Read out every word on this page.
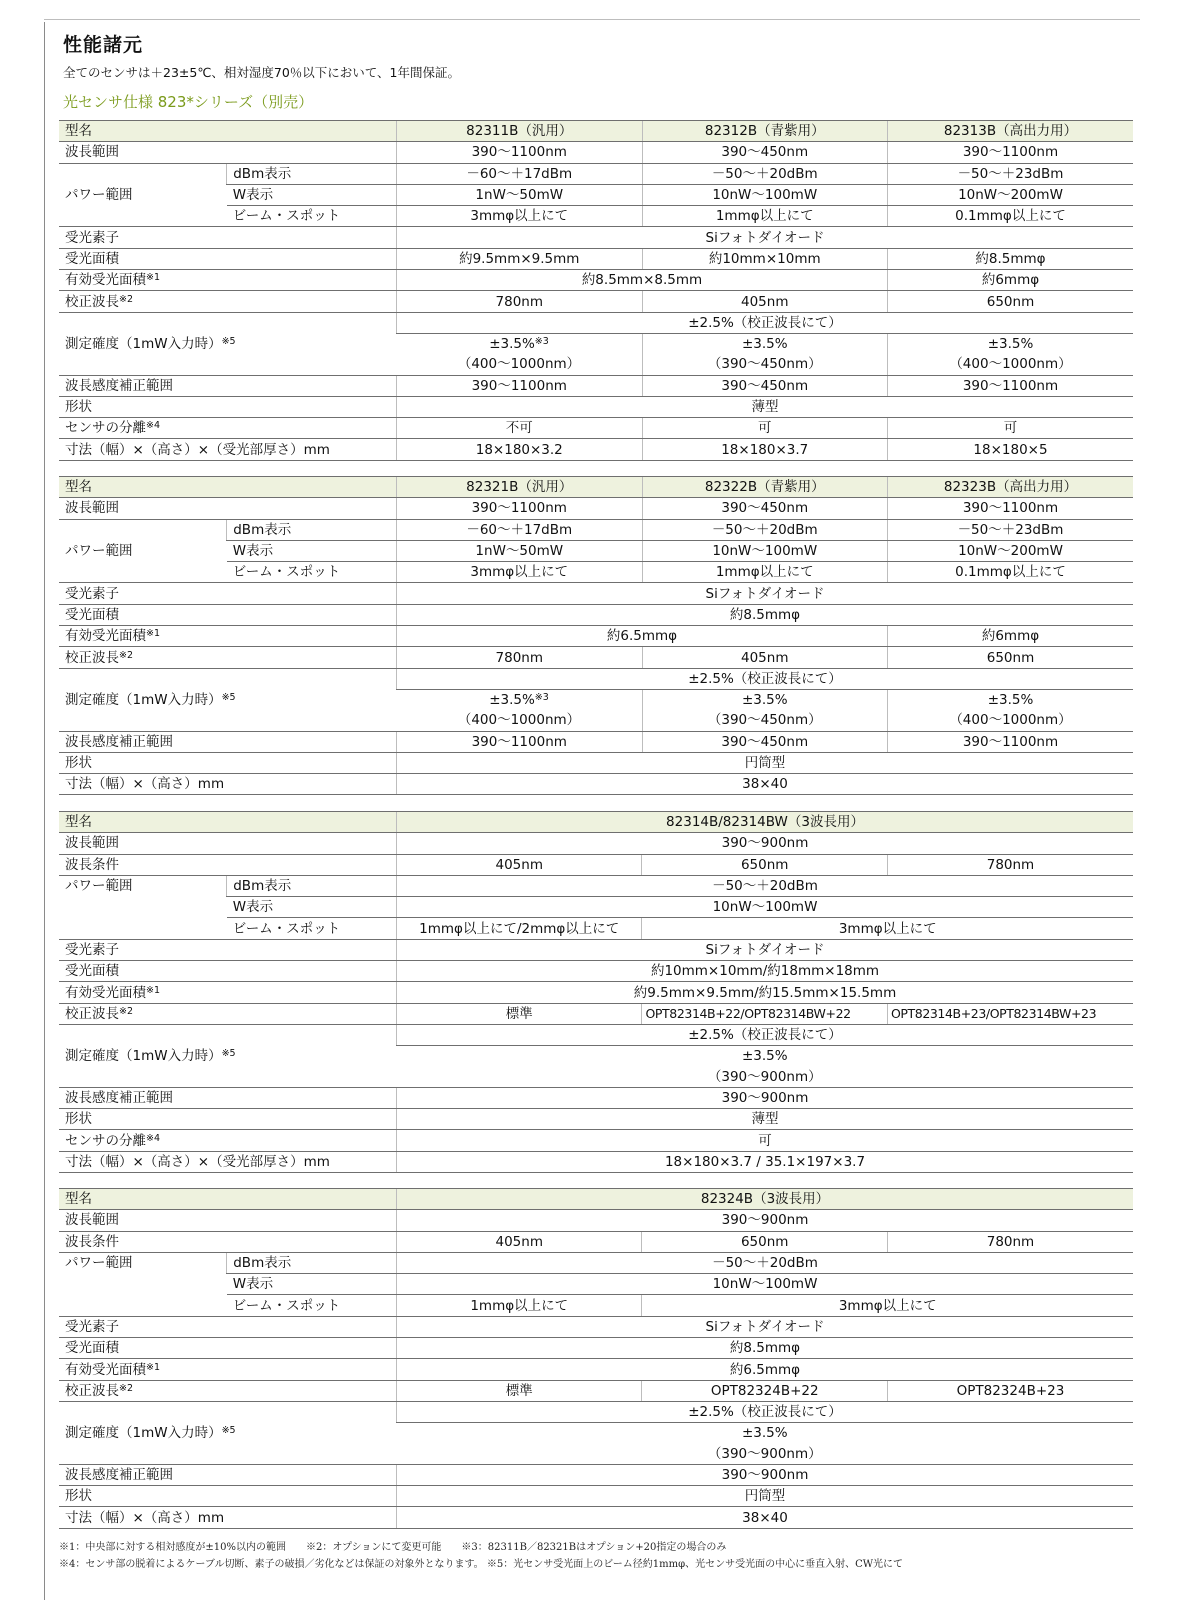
性能諸元
全てのセンサは＋23±5℃、相対湿度70％以下において、1年間保証。
光センサ仕様 823*シリーズ（別売）
型名		82311B（汎用）	82312B（青紫用）	82313B（高出力用）
波長範囲		390～1100nm	390～450nm	390～1100nm
パワー範囲	dBm表示	－60～＋17dBm	－50～＋20dBm	－50～＋23dBm
	W表示	1nW～50mW	10nW～100mW	10nW～200mW
	ビーム・スポット	3mmφ以上にて	1mmφ以上にて	0.1mmφ以上にて
受光素子		Siフォトダイオード		
受光面積		約9.5mm×9.5mm	約10mm×10mm	約8.5mmφ
有効受光面積$^{※1}$		約8.5mm×8.5mm		約6mmφ
校正波長$^{※2}$		780nm	405nm	650nm
測定確度（1mW入力時）$^{※5}$		±2.5%（校正波長にて）		
		±3.5%$^{※3}$	±3.5%	±3.5%
		（400～1000nm）	（390～450nm）	（400～1000nm）
波長感度補正範囲		390～1100nm	390～450nm	390～1100nm
形状		薄型		
センサの分離$^{※4}$		不可	可	可
寸法（幅）×（高さ）×（受光部厚さ）mm		18×180×3.2	18×180×3.7	18×180×5
型名		82321B（汎用）	82322B（青紫用）	82323B（高出力用）
波長範囲		390～1100nm	390～450nm	390～1100nm
パワー範囲	dBm表示	－60～＋17dBm	－50～＋20dBm	－50～＋23dBm
	W表示	1nW～50mW	10nW～100mW	10nW～200mW
	ビーム・スポット	3mmφ以上にて	1mmφ以上にて	0.1mmφ以上にて
受光素子		Siフォトダイオード		
受光面積		約8.5mmφ		
有効受光面積$^{※1}$		約6.5mmφ		約6mmφ
校正波長$^{※2}$		780nm	405nm	650nm
測定確度（1mW入力時）$^{※5}$		±2.5%（校正波長にて）		
		±3.5%$^{※3}$	±3.5%	±3.5%
		（400～1000nm）	（390～450nm）	（400～1000nm）
波長感度補正範囲		390～1100nm	390～450nm	390～1100nm
形状		円筒型		
寸法（幅）×（高さ）mm		38×40		
型名		82314B/82314BW（3波長用）		
波長範囲		390～900nm		
波長条件		405nm	650nm	780nm
パワー範囲	dBm表示	－50～＋20dBm		
	W表示	10nW～100mW		
	ビーム・スポット	1mmφ以上にて/2mmφ以上にて	3mmφ以上にて	
受光素子		Siフォトダイオード		
受光面積		約10mm×10mm/約18mm×18mm		
有効受光面積$^{※1}$		約9.5mm×9.5mm/約15.5mm×15.5mm		
校正波長$^{※2}$		標準	OPT82314B+22/OPT82314BW+22	OPT82314B+23/OPT82314BW+23
測定確度（1mW入力時）$^{※5}$		±2.5%（校正波長にて）		
		±3.5%		
		（390～900nm）		
波長感度補正範囲		390～900nm		
形状		薄型		
センサの分離$^{※4}$		可		
寸法（幅）×（高さ）×（受光部厚さ）mm		18×180×3.7 / 35.1×197×3.7		
型名		82324B（3波長用）		
波長範囲		390～900nm		
波長条件		405nm	650nm	780nm
パワー範囲	dBm表示	－50～＋20dBm		
	W表示	10nW～100mW		
	ビーム・スポット	1mmφ以上にて	3mmφ以上にて	
受光素子		Siフォトダイオード		
受光面積		約8.5mmφ		
有効受光面積$^{※1}$		約6.5mmφ		
校正波長$^{※2}$		標準	OPT82324B+22	OPT82324B+23
測定確度（1mW入力時）$^{※5}$		±2.5%（校正波長にて）		
		±3.5%		
		（390～900nm）		
波長感度補正範囲		390～900nm		
形状		円筒型		
寸法（幅）×（高さ）mm		38×40		
※1：中央部に対する相対感度が±10%以内の範囲　　※2：オプションにて変更可能　　※3：82311B／82321Bはオプション+20指定の場合のみ
※4：センサ部の脱着によるケーブル切断、素子の破損／劣化などは保証の対象外となります。 ※5：光センサ受光面上のビーム径約1mmφ、光センサ受光面の中心に垂直入射、CW光にて
